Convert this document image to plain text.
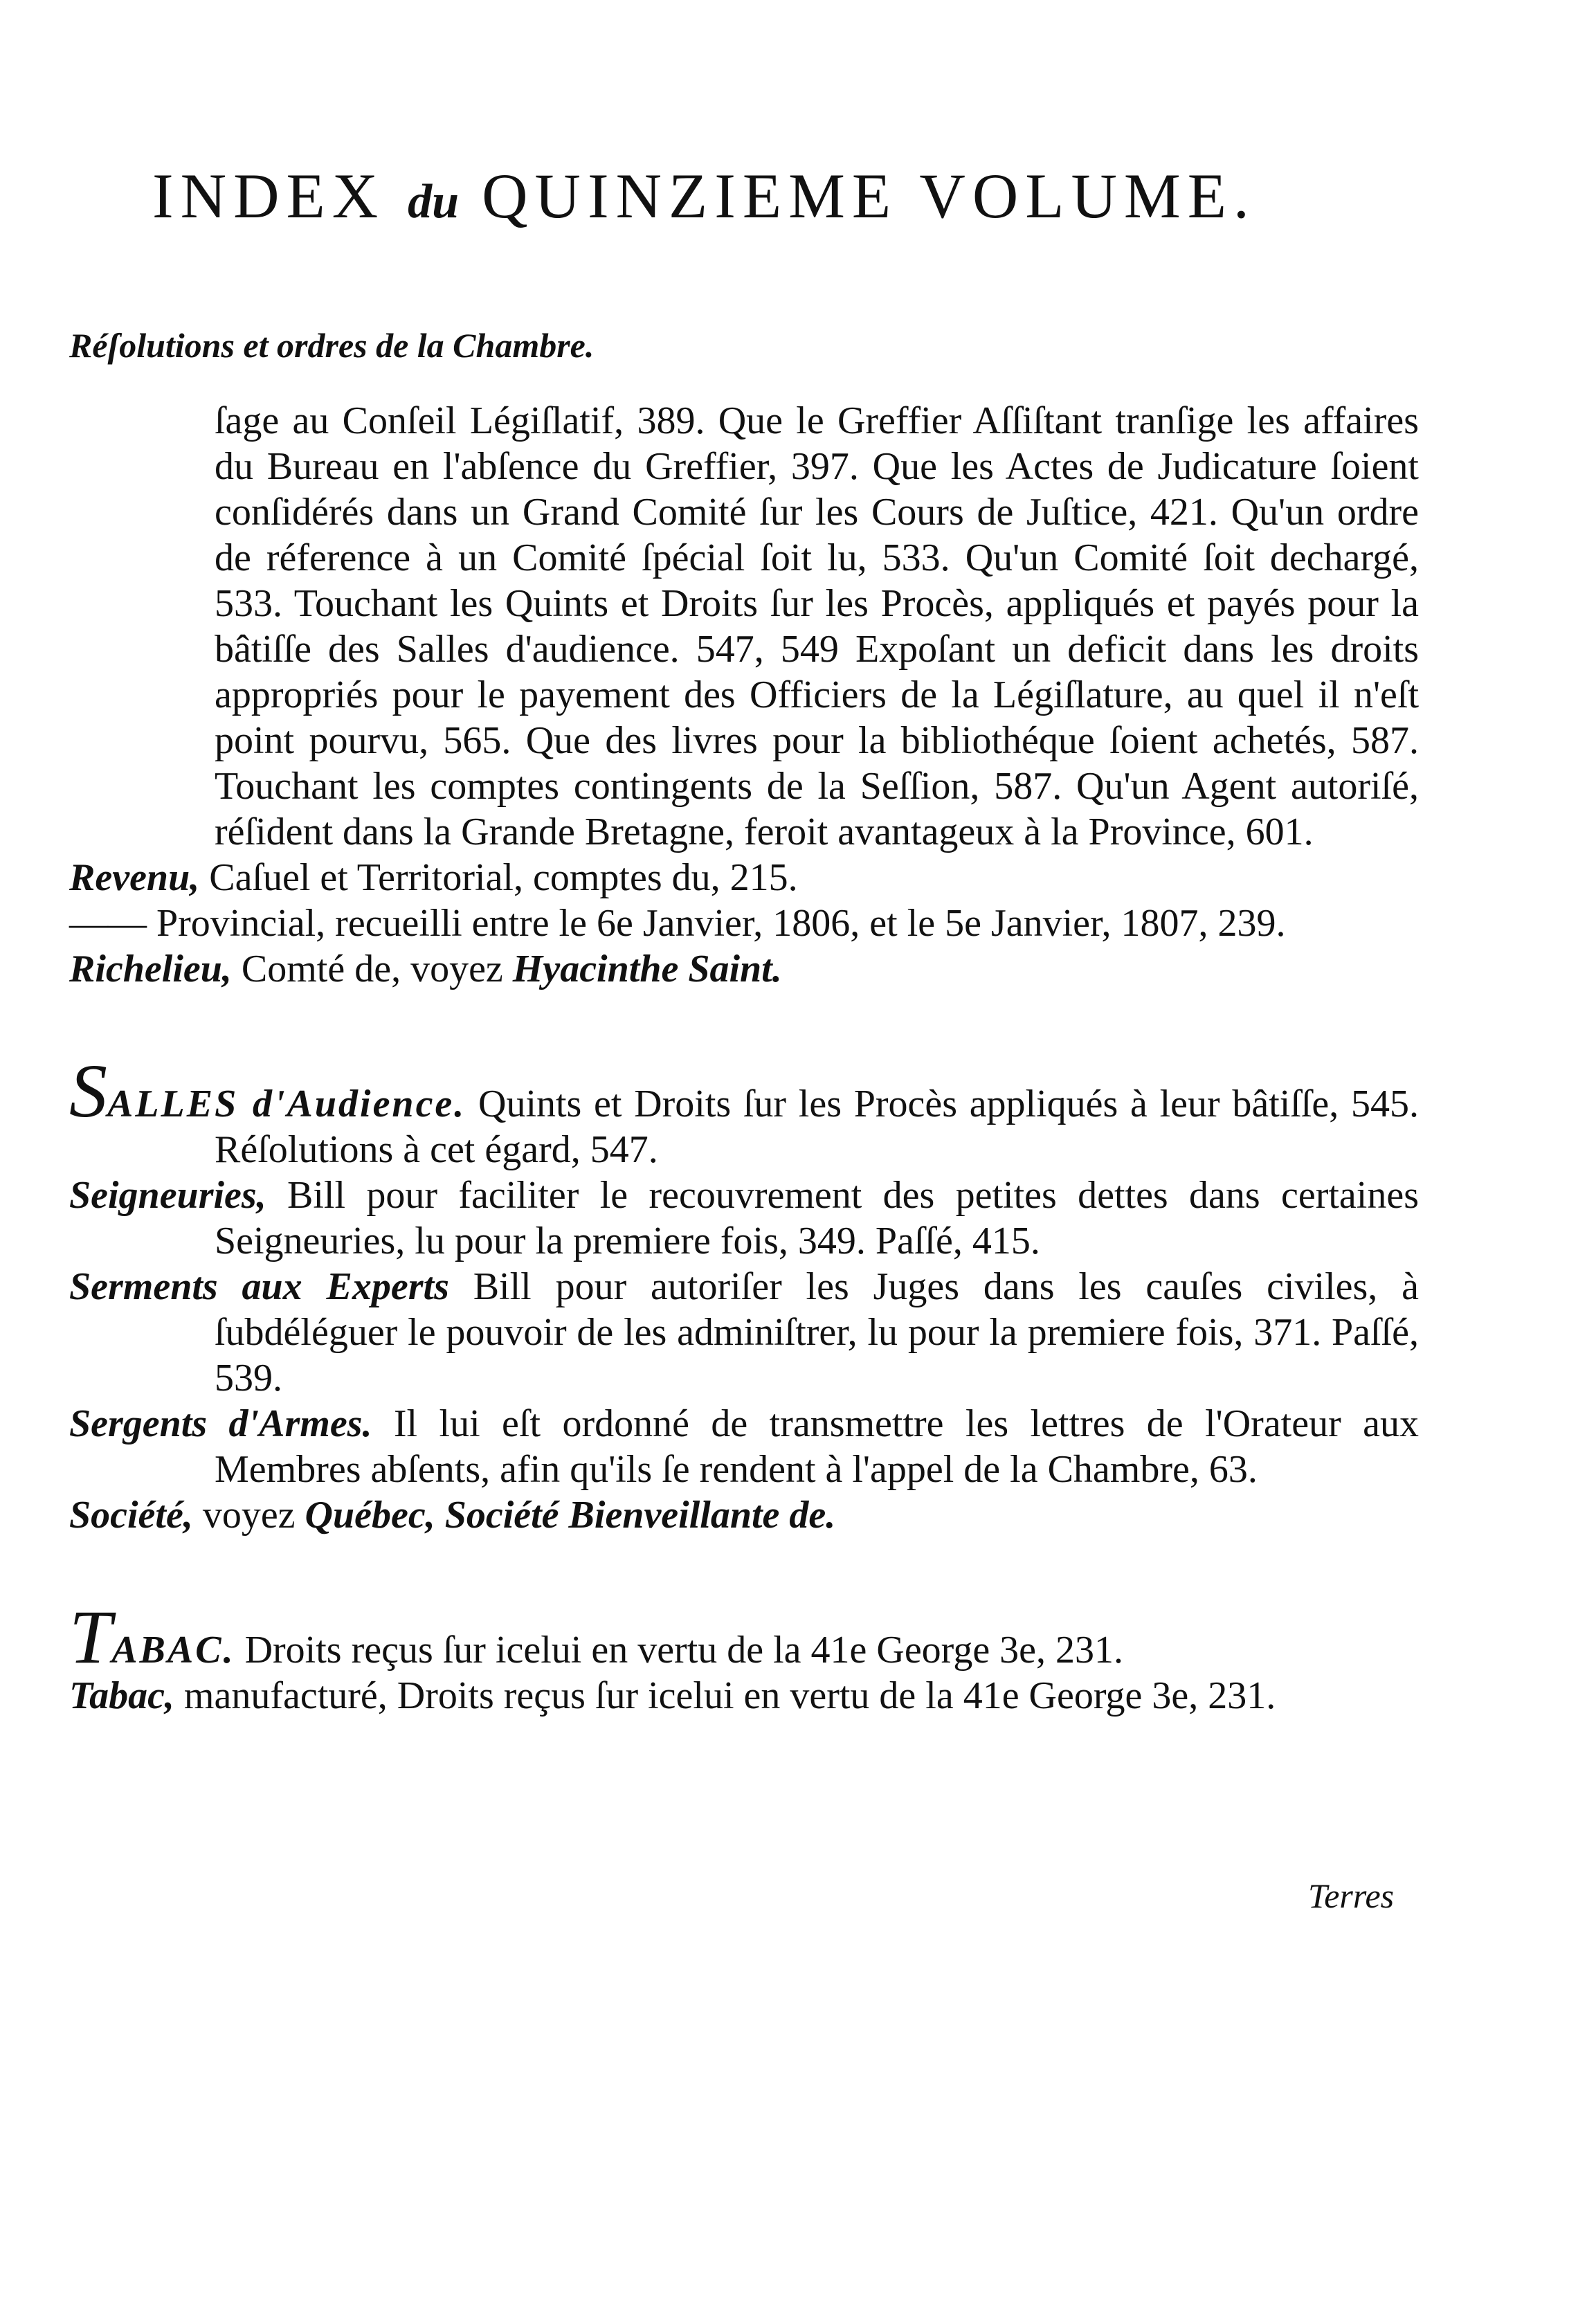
INDEX du QUINZIEME VOLUME.
Réſolutions et ordres de la Chambre.

ſage au Conſeil Légiſlatif, 389. Que le Greffier Aſſiſtant tranſige les affaires du Bureau en l'abſence du Greffier, 397. Que les Actes de Judicature ſoient conſidérés dans un Grand Comité ſur les Cours de Juſtice, 421. Qu'un ordre de réference à un Comité ſpécial ſoit lu, 533. Qu'un Comité ſoit dechargé, 533. Touchant les Quints et Droits ſur les Procès, appliqués et payés pour la bâtiſſe des Salles d'audience. 547, 549 Expoſant un deficit dans les droits appropriés pour le payement des Officiers de la Légiſlature, au quel il n'eſt point pourvu, 565. Que des livres pour la bibliothéque ſoient achetés, 587. Touchant les comptes contingents de la Seſſion, 587. Qu'un Agent autoriſé, réſident dans la Grande Bretagne, feroit avantageux à la Province, 601.

Revenu, Caſuel et Territorial, comptes du, 215.

—— Provincial, recueilli entre le 6e Janvier, 1806, et le 5e Janvier, 1807, 239.

Richelieu, Comté de, voyez Hyacinthe Saint.

SALLES d'Audience. Quints et Droits ſur les Procès appliqués à leur bâtiſſe, 545. Réſolutions à cet égard, 547.

Seigneuries, Bill pour faciliter le recouvrement des petites dettes dans certaines Seigneuries, lu pour la premiere fois, 349. Paſſé, 415.

Serments aux Experts Bill pour autoriſer les Juges dans les cauſes civiles, à ſubdéléguer le pouvoir de les adminiſtrer, lu pour la premiere fois, 371. Paſſé, 539.

Sergents d'Armes. Il lui eſt ordonné de transmettre les lettres de l'Orateur aux Membres abſents, afin qu'ils ſe rendent à l'appel de la Chambre, 63.

Société, voyez Québec, Société Bienveillante de.

TABAC. Droits reçus ſur icelui en vertu de la 41e George 3e, 231.

Tabac, manufacturé, Droits reçus ſur icelui en vertu de la 41e George 3e, 231.

Terres
